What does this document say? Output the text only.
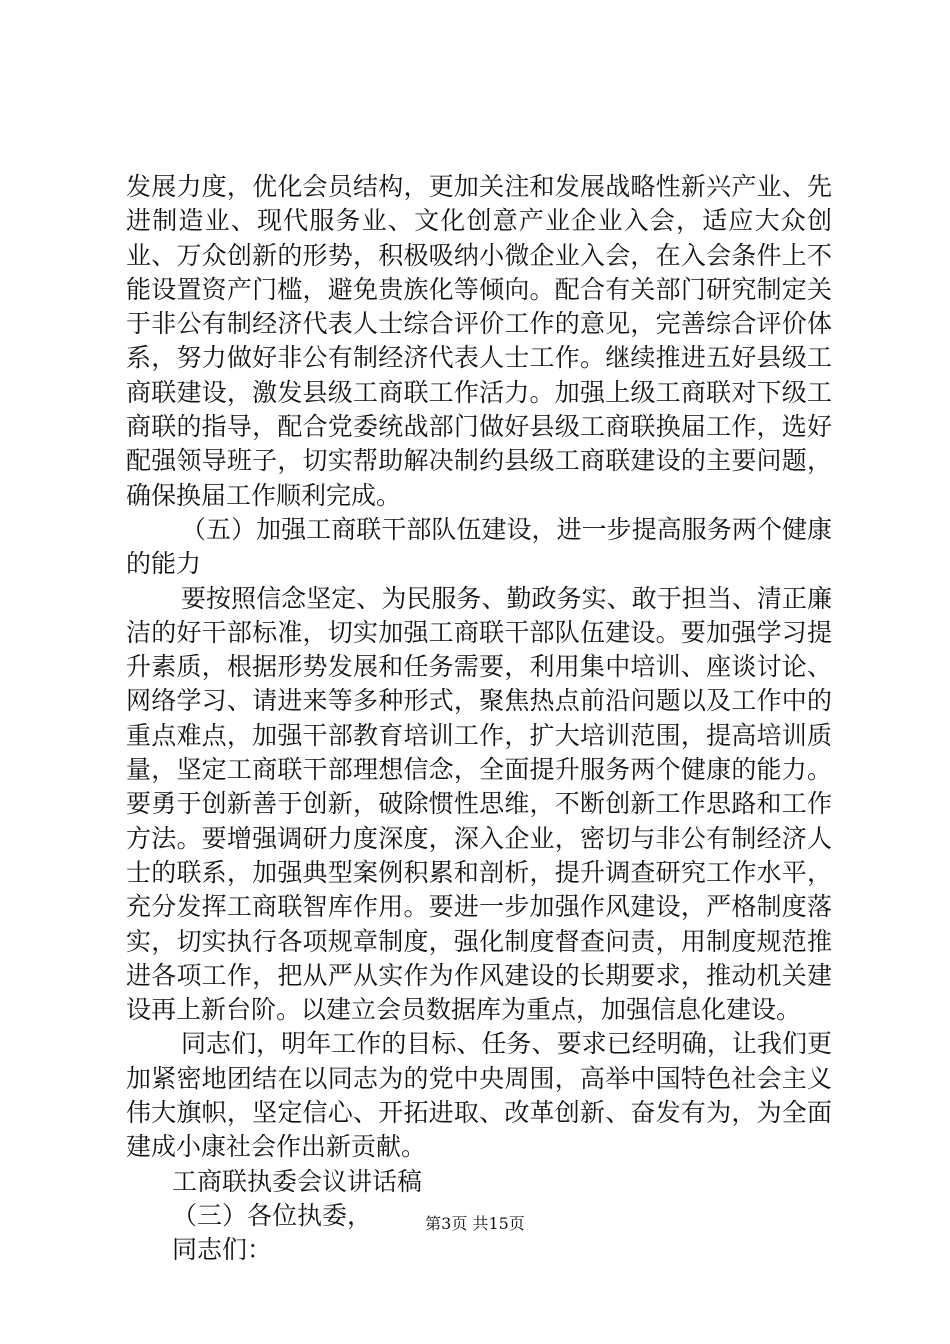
发展力度，优化会员结构，更加关注和发展战略性新兴产业、先进制造业、现代服务业、文化创意产业企业入会，适应大众创业、万众创新的形势，积极吸纳小微企业入会，在入会条件上不能设置资产门槛，避免贵族化等倾向。配合有关部门研究制定关于非公有制经济代表人士综合评价工作的意见，完善综合评价体系，努力做好非公有制经济代表人士工作。继续推进五好县级工商联建设，激发县级工商联工作活力。加强上级工商联对下级工商联的指导，配合党委统战部门做好县级工商联换届工作，选好配强领导班子，切实帮助解决制约县级工商联建设的主要问题，确保换届工作顺利完成。

（五）加强工商联干部队伍建设，进一步提高服务两个健康的能力

要按照信念坚定、为民服务、勤政务实、敢于担当、清正廉洁的好干部标准，切实加强工商联干部队伍建设。要加强学习提升素质，根据形势发展和任务需要，利用集中培训、座谈讨论、网络学习、请进来等多种形式，聚焦热点前沿问题以及工作中的重点难点，加强干部教育培训工作，扩大培训范围，提高培训质量，坚定工商联干部理想信念，全面提升服务两个健康的能力。要勇于创新善于创新，破除惯性思维，不断创新工作思路和工作方法。要增强调研力度深度，深入企业，密切与非公有制经济人士的联系，加强典型案例积累和剖析，提升调查研究工作水平，充分发挥工商联智库作用。要进一步加强作风建设，严格制度落实，切实执行各项规章制度，强化制度督查问责，用制度规范推进各项工作，把从严从实作为作风建设的长期要求，推动机关建设再上新台阶。以建立会员数据库为重点，加强信息化建设。

同志们，明年工作的目标、任务、要求已经明确，让我们更加紧密地团结在以同志为的党中央周围，高举中国特色社会主义伟大旗帜，坚定信心、开拓进取、改革创新、奋发有为，为全面建成小康社会作出新贡献。

工商联执委会议讲话稿

（三）各位执委，

同志们：

第3页 共15页
